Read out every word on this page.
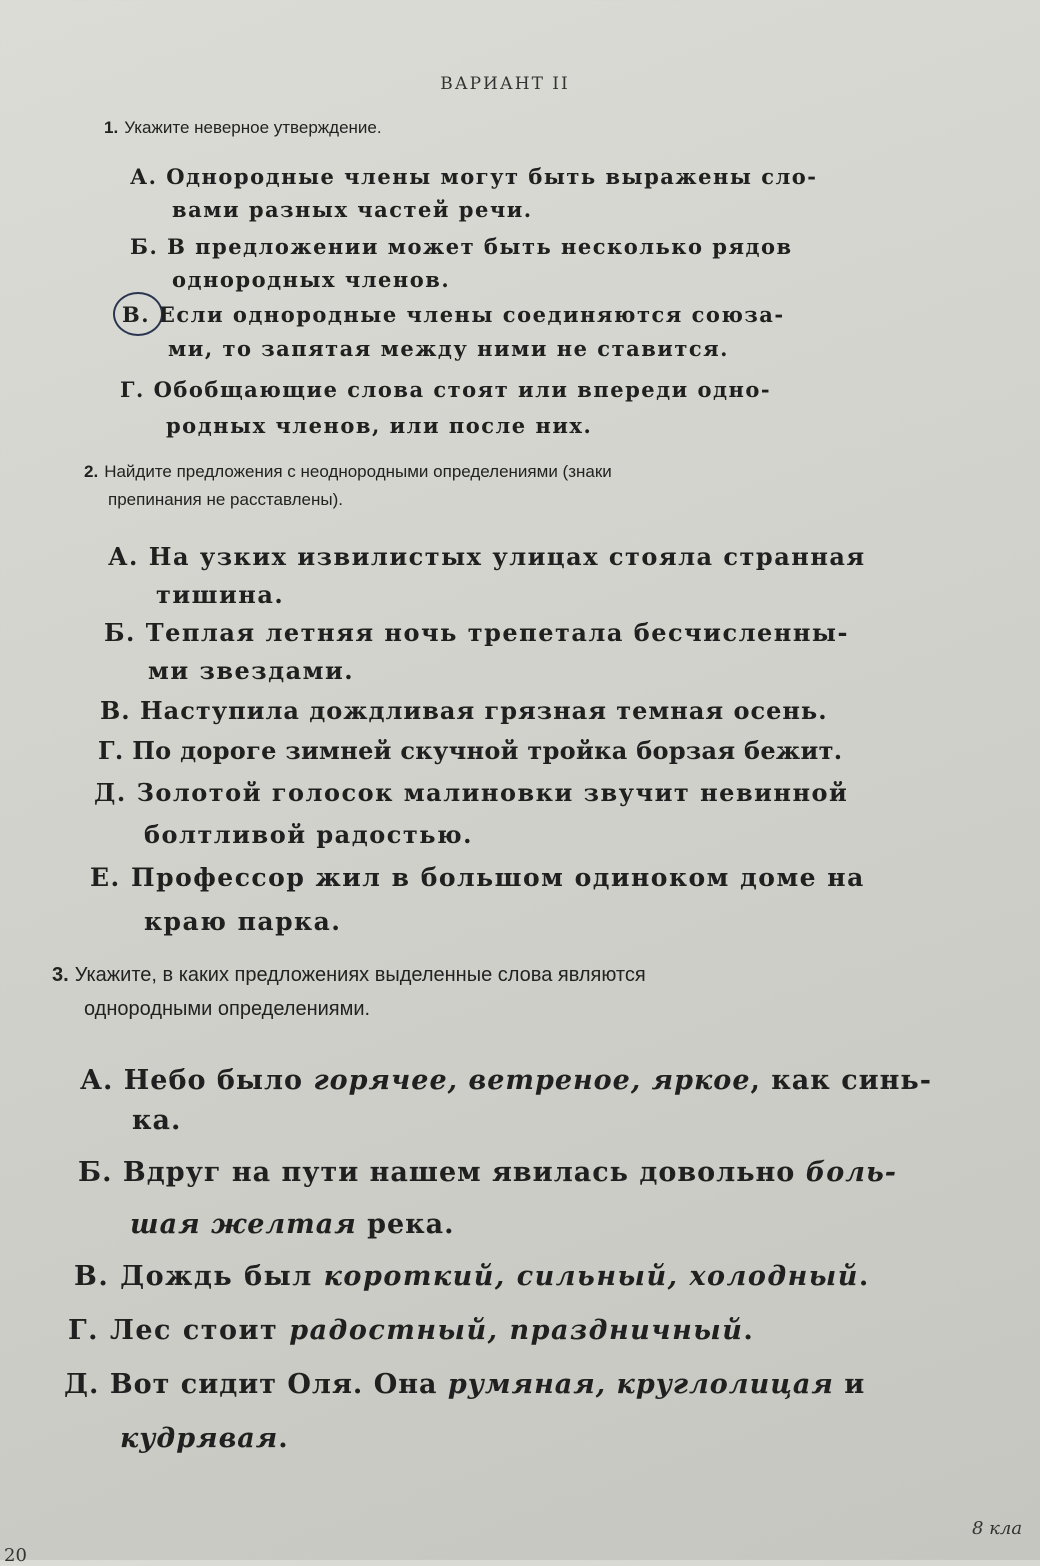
ВАРИАНТ II
1. Укажите неверное утверждение.
А. Однородные члены могут быть выражены сло-
вами разных частей речи.
Б. В предложении может быть несколько рядов
однородных членов.
В. Если однородные члены соединяются союза-
ми, то запятая между ними не ставится.
Г. Обобщающие слова стоят или впереди одно-
родных членов, или после них.
2. Найдите предложения с неоднородными определениями (знаки
препинания не расставлены).
А. На узких извилистых улицах стояла странная
тишина.
Б. Теплая летняя ночь трепетала бесчисленны-
ми звездами.
В. Наступила дождливая грязная темная осень.
Г. По дороге зимней скучной тройка борзая бежит.
Д. Золотой голосок малиновки звучит невинной
болтливой радостью.
Е. Профессор жил в большом одиноком доме на
краю парка.
3. Укажите, в каких предложениях выделенные слова являются
однородными определениями.
А. Небо было горячее, ветреное, яркое, как синь-
ка.
Б. Вдруг на пути нашем явилась довольно боль-
шая желтая река.
В. Дождь был короткий, сильный, холодный.
Г. Лес стоит радостный, праздничный.
Д. Вот сидит Оля. Она румяная, круглолицая и
кудрявая.
8 кла
20
